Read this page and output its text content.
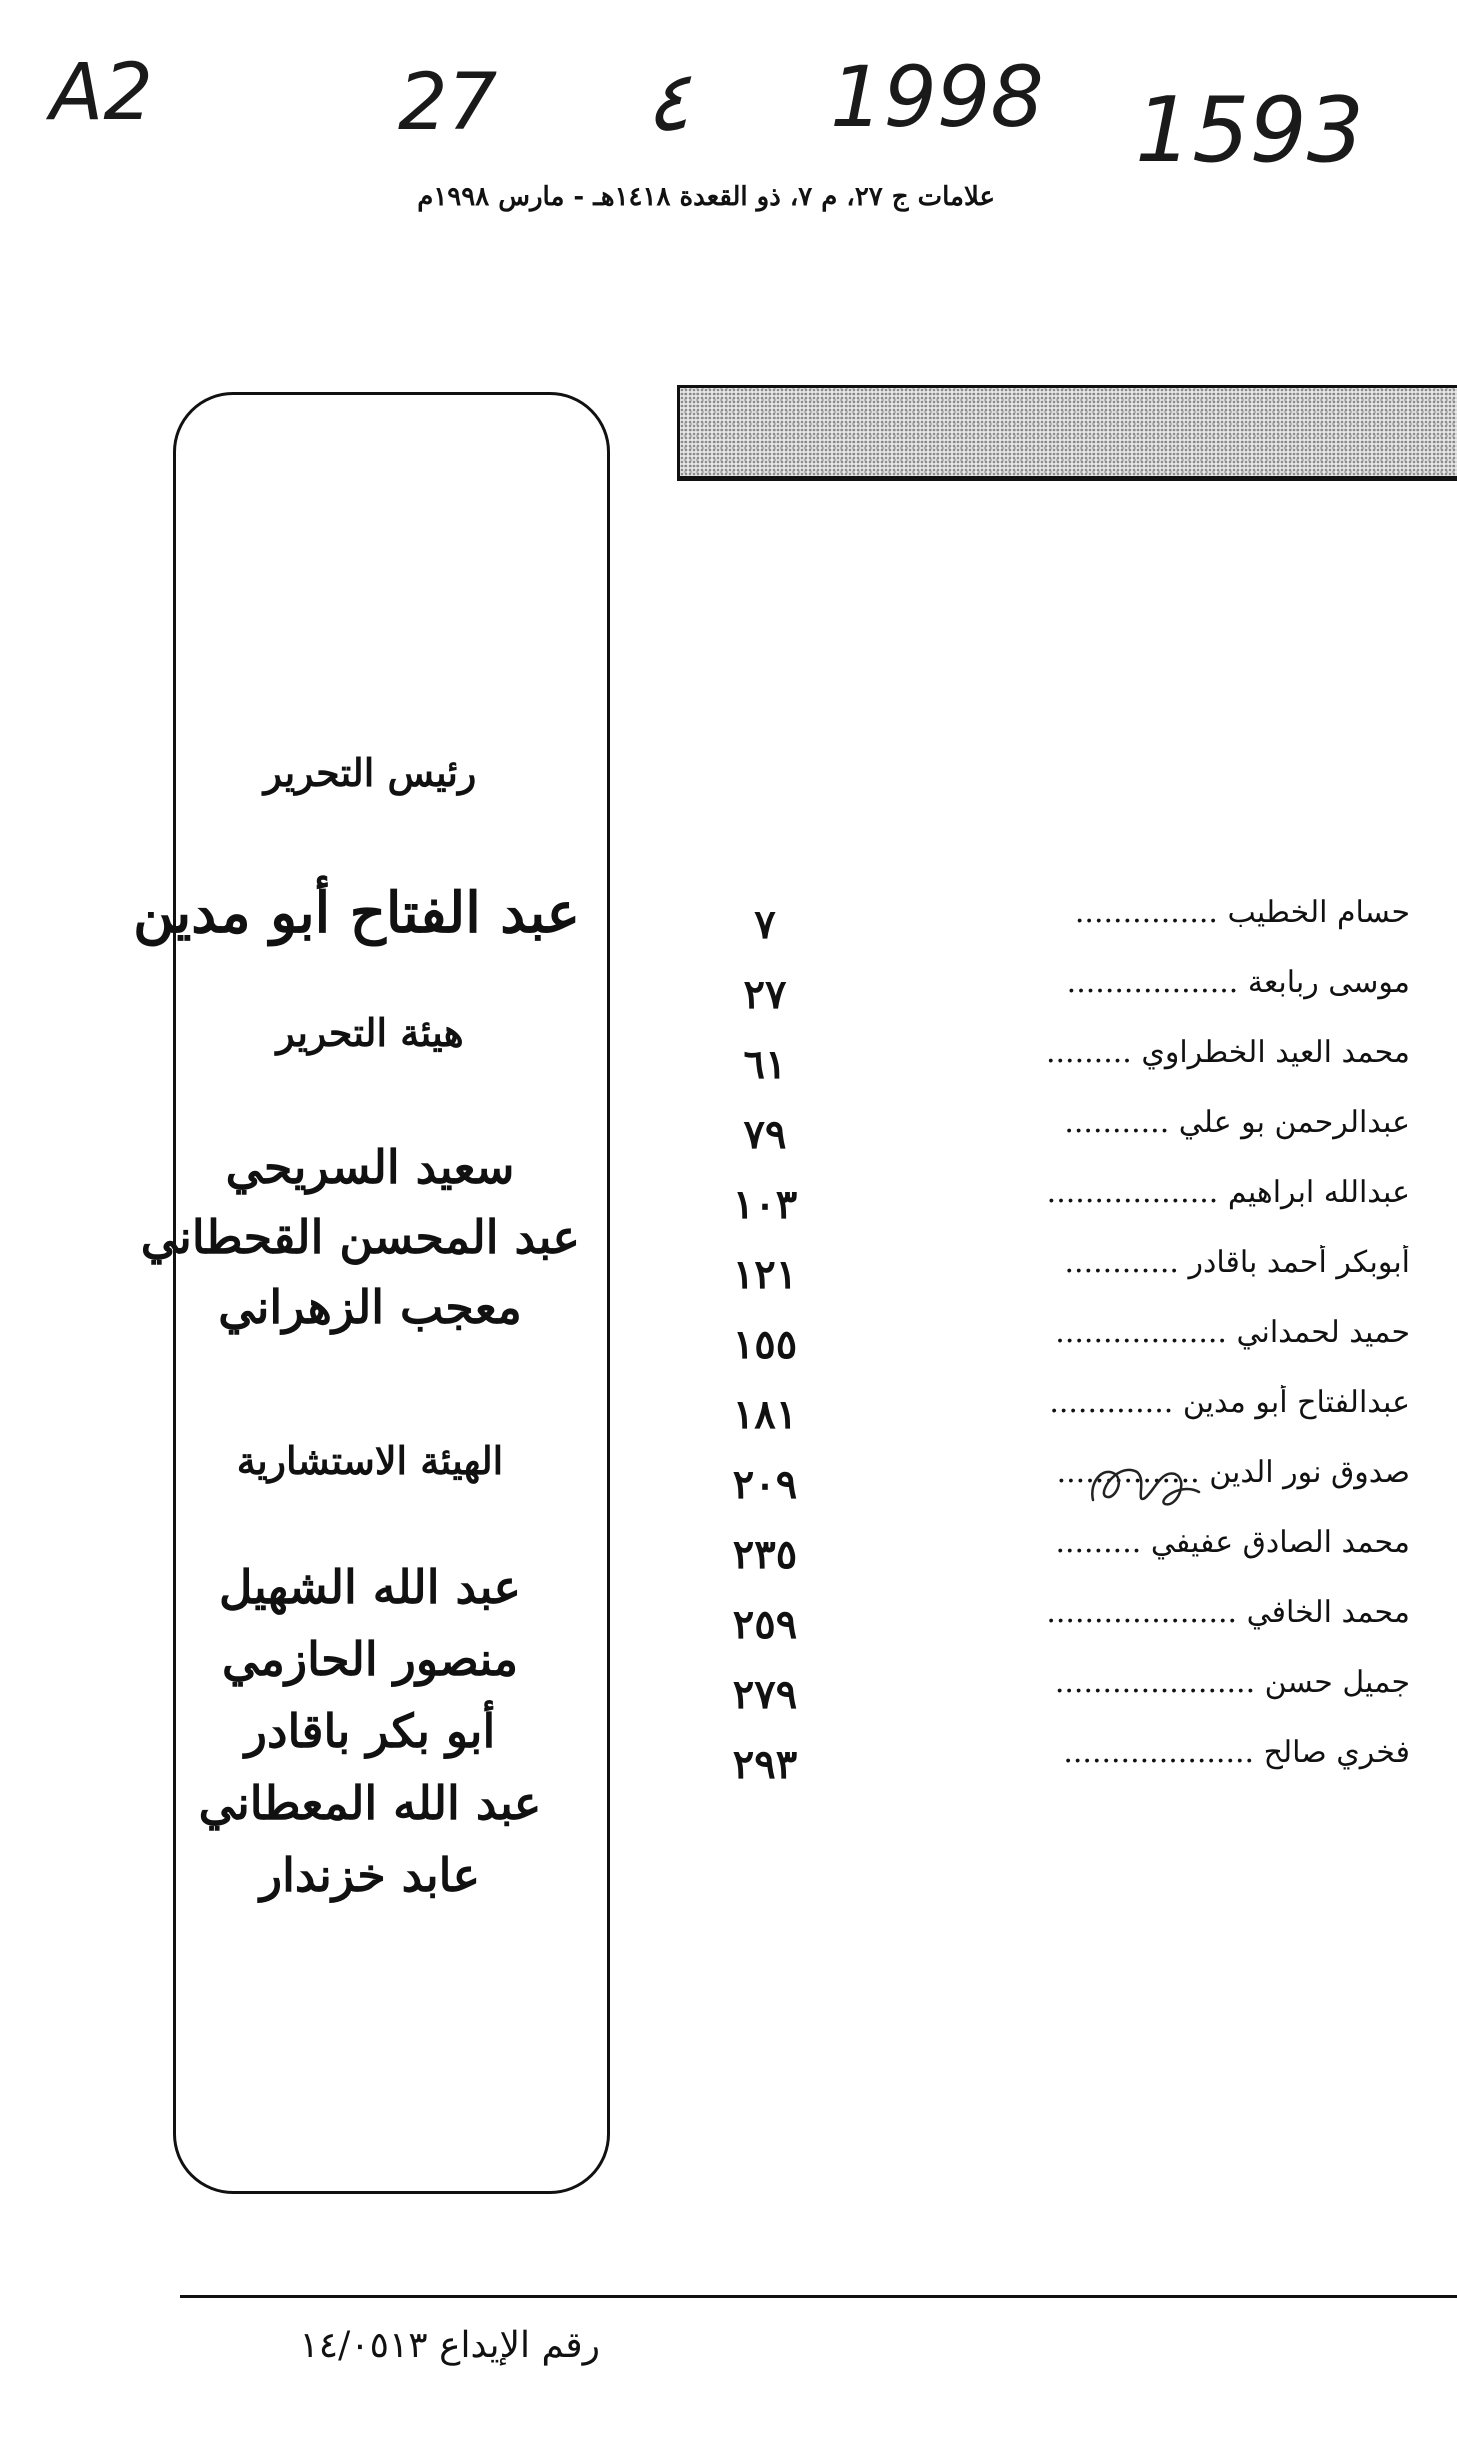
A2	27 ٤ 1998 1593
علامات ج ٢٧، م ٧، ذو القعدة ١٤١٨هـ - مارس ١٩٩٨م
رئيس التحرير
عبد الفتاح أبو مدين
هيئة التحرير
سعيد السريحي
عبد المحسن القحطاني
معجب الزهراني
الهيئة الاستشارية
عبد الله الشهيل
منصور الحازمي
أبو بكر باقادر
عبد الله المعطاني
عابد خزندار
٧	حسام الخطيب ...............
٢٧	موسى ربابعة ..................
٦١	محمد العيد الخطراوي .........
٧٩	عبدالرحمن بو علي ...........
١٠٣	عبدالله ابراهيم ..................
١٢١	أبوبكر أحمد باقادر ............
١٥٥	حميد لحمداني ..................
١٨١	عبدالفتاح أبو مدين .............
٢٠٩	صدوق نور الدين ...............
٢٣٥	محمد الصادق عفيفي .........
٢٥٩	محمد الخافي ....................
٢٧٩	جميل حسن .....................
٢٩٣	فخري صالح ....................
رقم الإيداع ١٤/٠٥١٣
